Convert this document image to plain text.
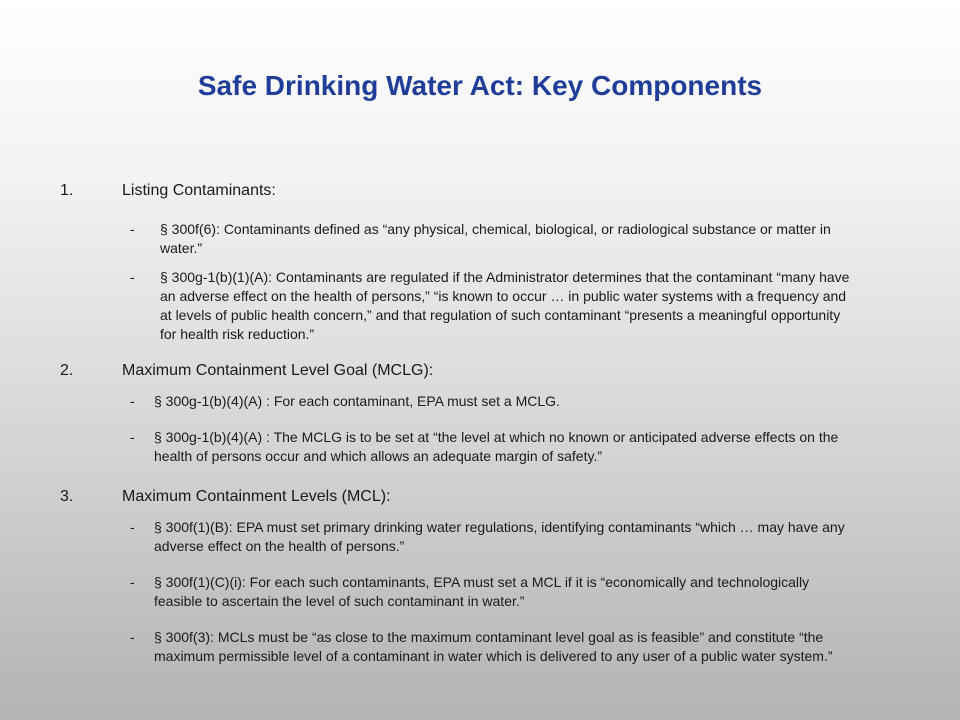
Safe Drinking Water Act: Key Components
1.	Listing Contaminants:
- § 300f(6): Contaminants defined as “any physical, chemical, biological, or radiological substance or matter in water.”
- § 300g-1(b)(1)(A): Contaminants are regulated if the Administrator determines that the contaminant “many have an adverse effect on the health of persons,” “is known to occur … in public water systems with a frequency and at levels of public health concern,” and that regulation of such contaminant “presents a meaningful opportunity for health risk reduction.”
2.	Maximum Containment Level Goal (MCLG):
- § 300g-1(b)(4)(A) : For each contaminant, EPA must set a MCLG.
- § 300g-1(b)(4)(A) : The MCLG is to be set at “the level at which no known or anticipated adverse effects on the health of persons occur and which allows an adequate margin of safety.”
3.	Maximum Containment Levels (MCL):
- § 300f(1)(B): EPA must set primary drinking water regulations, identifying contaminants “which … may have any adverse effect on the health of persons.”
- § 300f(1)(C)(i): For each such contaminants, EPA must set a MCL if it is “economically and technologically feasible to ascertain the level of such contaminant in water.”
- § 300f(3): MCLs must be “as close to the maximum contaminant level goal as is feasible” and constitute “the maximum permissible level of a contaminant in water which is delivered to any user of a public water system.”
